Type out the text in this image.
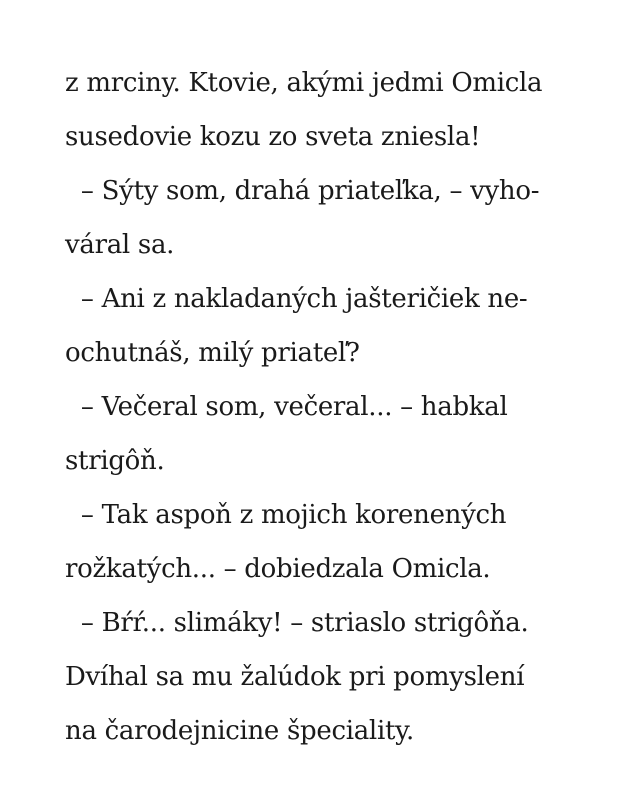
z mrciny. Ktovie, akými jedmi Omicla
susedovie kozu zo sveta zniesla!
– Sýty som, drahá priateľka, – vyho-
váral sa.
– Ani z nakladaných jašteričiek ne-
ochutnáš, milý priateľ?
– Večeral som, večeral... – habkal
strigôň.
– Tak aspoň z mojich korenených
rožkatých... – dobiedzala Omicla.
– Bŕŕ... slimáky! – striaslo strigôňa.
Dvíhal sa mu žalúdok pri pomyslení
na čarodejnicine špeciality.
